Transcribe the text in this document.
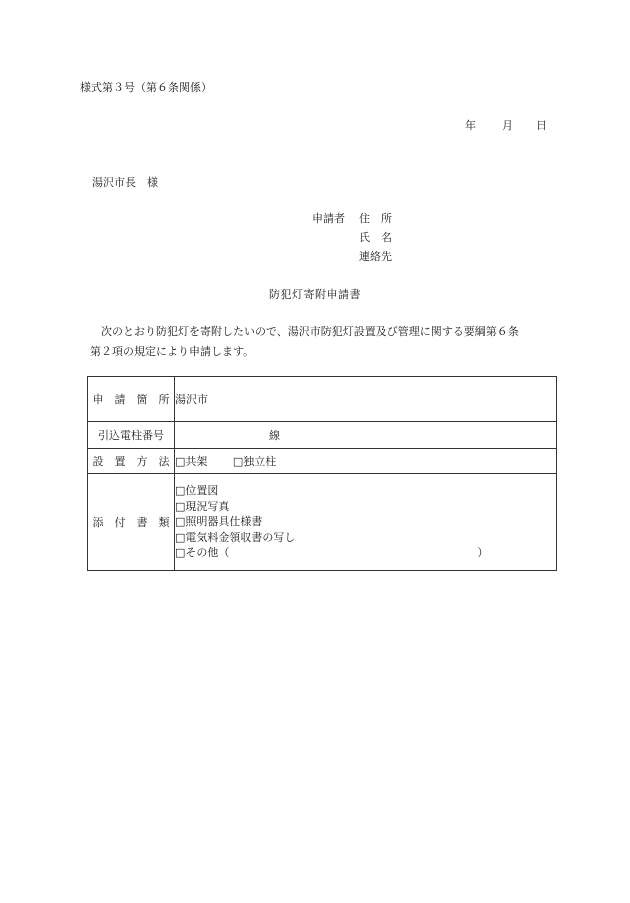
様式第３号（第６条関係）
年 月 日
湯沢市長　様
申請者 住　所
氏　名
連絡先
防犯灯寄附申請書
　次のとおり防犯灯を寄附したいので、湯沢市防犯灯設置及び管理に関する要綱第６条
第２項の規定により申請します。
申　請　箇　所	湯沢市
引込電柱番号	線
設　置　方　法	□共架 □独立柱
添　付　書　類	□位置図
□現況写真
□照明器具仕様書
□電気料金領収書の写し
□その他（ ）
